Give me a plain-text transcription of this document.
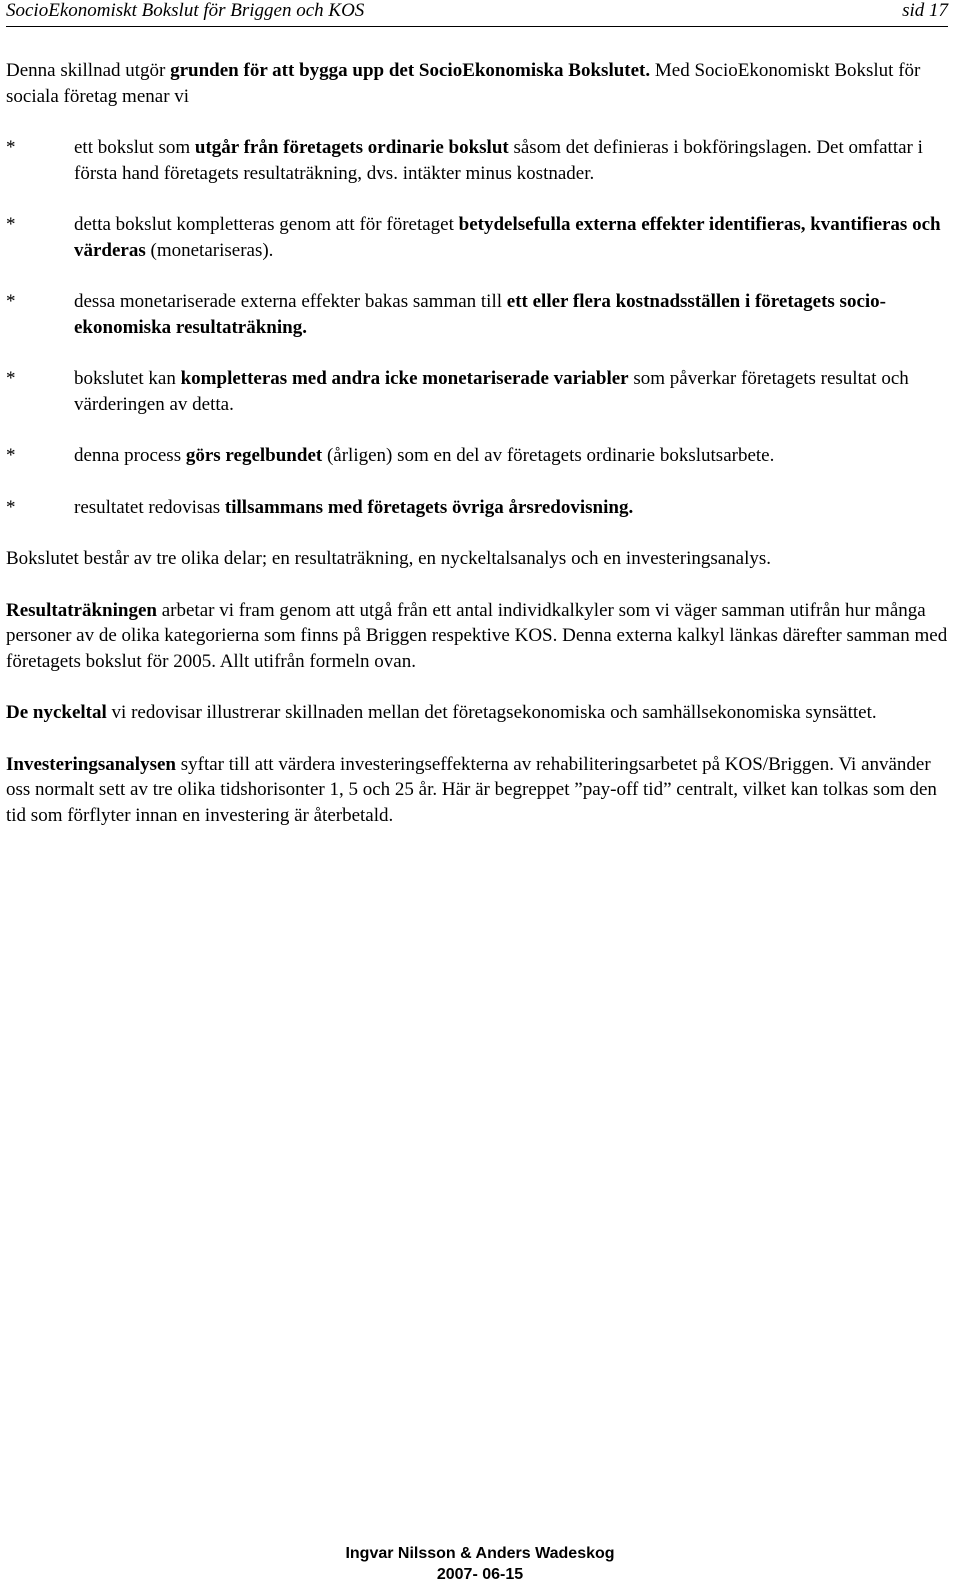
SocioEkonomiskt Bokslut för Briggen och KOS	sid 17

Denna skillnad utgör grunden för att bygga upp det SocioEkonomiska Bokslutet. Med SocioEkonomiskt Bokslut för sociala företag menar vi

*	ett bokslut som utgår från företagets ordinarie bokslut såsom det definieras i bokföringslagen. Det omfattar i första hand företagets resultaträkning, dvs. intäkter minus kostnader.
*	detta bokslut kompletteras genom att för företaget betydelsefulla externa effekter identifieras, kvantifieras och värderas (monetariseras).
*	dessa monetariserade externa effekter bakas samman till ett eller flera kostnadsställen i företagets socio-ekonomiska resultaträkning.
*	bokslutet kan kompletteras med andra icke monetariserade variabler som påverkar företagets resultat och värderingen av detta.
*	denna process görs regelbundet (årligen) som en del av företagets ordinarie bokslutsarbete.
*	resultatet redovisas tillsammans med företagets övriga årsredovisning.

Bokslutet består av tre olika delar; en resultaträkning, en nyckeltalsanalys och en investeringsanalys.

Resultaträkningen arbetar vi fram genom att utgå från ett antal individkalkyler som vi väger samman utifrån hur många personer av de olika kategorierna som finns på Briggen respektive KOS. Denna externa kalkyl länkas därefter samman med företagets bokslut för 2005. Allt utifrån formeln ovan.

De nyckeltal vi redovisar illustrerar skillnaden mellan det företagsekonomiska och samhällsekonomiska synsättet.

Investeringsanalysen syftar till att värdera investeringseffekterna av rehabiliteringsarbetet på KOS/Briggen. Vi använder oss normalt sett av tre olika tidshorisonter 1, 5 och 25 år. Här är begreppet ”pay-off tid” centralt, vilket kan tolkas som den tid som förflyter innan en investering är återbetald.

Ingvar Nilsson & Anders Wadeskog
2007- 06-15
